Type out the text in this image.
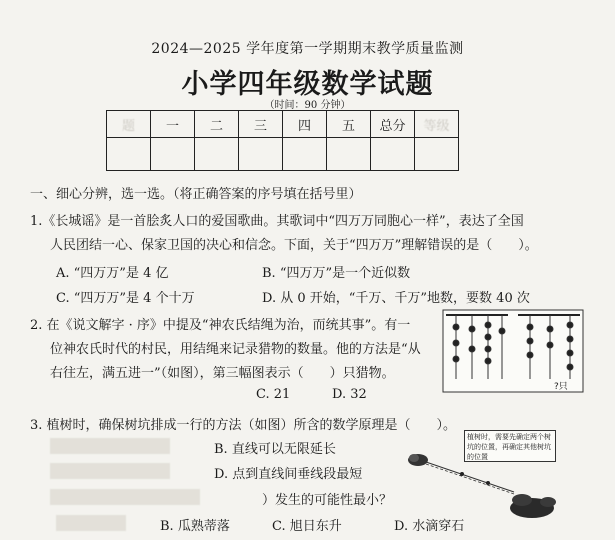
2024—2025 学年度第一学期期末教学质量监测
小学四年级数学试题
（时间：90 分钟）
题	一	二	三	四	五	总分	等级

一、细心分辨，选一选。（将正确答案的序号填在括号里）
1.《长城谣》是一首脍炙人口的爱国歌曲。其歌词中“四万万同胞心一样”，表达了全国
人民团结一心、保家卫国的决心和信念。下面，关于“四万万”理解错误的是（　　）。
A. “四万万”是 4 亿	B. “四万万”是一个近似数
C. “四万万”是 4 个十万	D. 从 0 开始，“千万、千万”地数，要数 40 次
2. 在《说文解字 · 序》中提及“神农氏结绳为治，而统其事”。有一
位神农氏时代的村民，用结绳来记录猎物的数量。他的方法是“从
右往左，满五进一”（如图），第三幅图表示（　　）只猎物。
C. 21	D. 32	?只
3. 植树时，确保树坑排成一行的方法（如图）所含的数学原理是（　　）。
B. 直线可以无限延长
D. 点到直线间垂线段最短
植树时，需要先确定两个树坑的位置，再确定其他树坑的位置
）发生的可能性最小？
B. 瓜熟蒂落	C. 旭日东升	D. 水滴穿石
